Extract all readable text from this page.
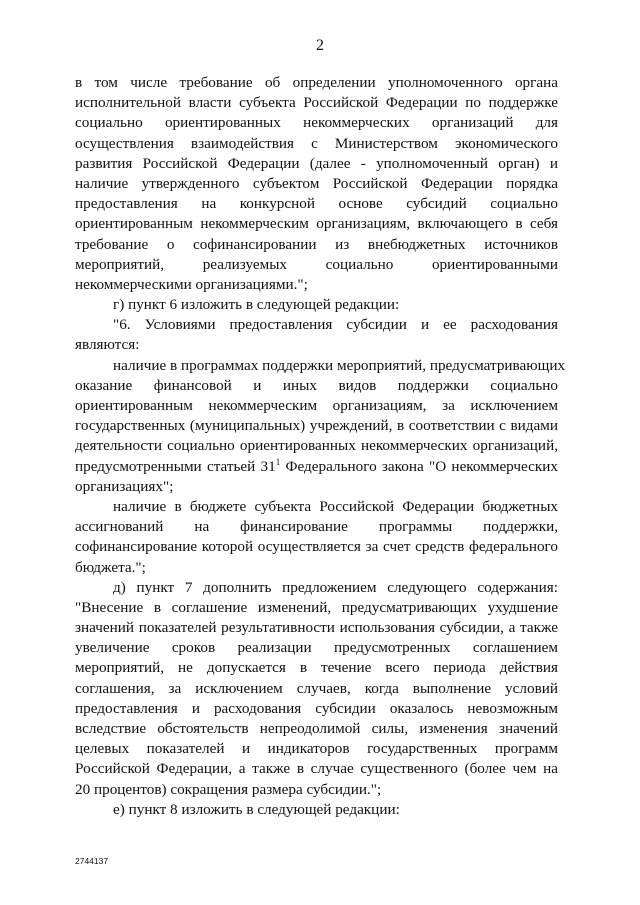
2
в том числе требование об определении уполномоченного органа
исполнительной власти субъекта Российской Федерации по поддержке
социально ориентированных некоммерческих организаций для
осуществления взаимодействия с Министерством экономического
развития Российской Федерации (далее - уполномоченный орган) и
наличие утвержденного субъектом Российской Федерации порядка
предоставления на конкурсной основе субсидий социально
ориентированным некоммерческим организациям, включающего в себя
требование о софинансировании из внебюджетных источников
мероприятий, реализуемых социально ориентированными
некоммерческими организациями.";
г) пункт 6 изложить в следующей редакции:
"6. Условиями предоставления субсидии и ее расходования
являются:
наличие в программах поддержки мероприятий, предусматривающих
оказание финансовой и иных видов поддержки социально
ориентированным некоммерческим организациям, за исключением
государственных (муниципальных) учреждений, в соответствии с видами
деятельности социально ориентированных некоммерческих организаций,
предусмотренными статьей $31^1$ Федерального закона "О некоммерческих
организациях";
наличие в бюджете субъекта Российской Федерации бюджетных
ассигнований на финансирование программы поддержки,
софинансирование которой осуществляется за счет средств федерального
бюджета.";
д) пункт 7 дополнить предложением следующего содержания:
"Внесение в соглашение изменений, предусматривающих ухудшение
значений показателей результативности использования субсидии, а также
увеличение сроков реализации предусмотренных соглашением
мероприятий, не допускается в течение всего периода действия
соглашения, за исключением случаев, когда выполнение условий
предоставления и расходования субсидии оказалось невозможным
вследствие обстоятельств непреодолимой силы, изменения значений
целевых показателей и индикаторов государственных программ
Российской Федерации, а также в случае существенного (более чем на
20 процентов) сокращения размера субсидии.";
е) пункт 8 изложить в следующей редакции:
2744137
